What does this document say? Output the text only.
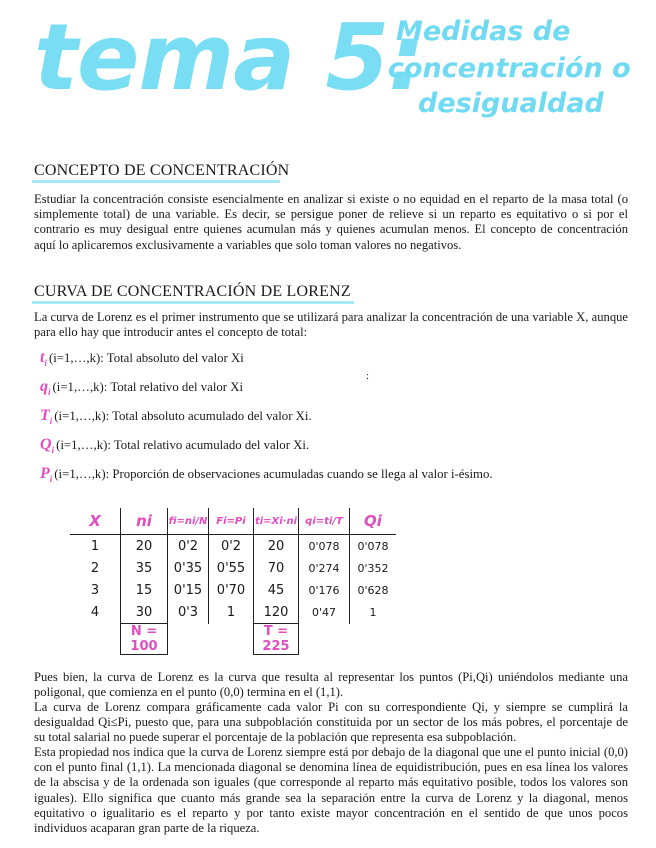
tema 5:
Medidas de
concentración o
desigualdad
CONCEPTO DE CONCENTRACIÓN
Estudiar la concentración consiste esencialmente en analizar si existe o no equidad en el reparto de la masa total (o simplemente total) de una variable. Es decir, se persigue poner de relieve si un reparto es equitativo o si por el contrario es muy desigual entre quienes acumulan más y quienes acumulan menos. El concepto de concentración aquí lo aplicaremos exclusivamente a variables que solo toman valores no negativos.
CURVA DE CONCENTRACIÓN DE LORENZ
La curva de Lorenz es el primer instrumento que se utilizará para analizar la concentración de una variable X, aunque para ello hay que introducir antes el concepto de total:
$t_i$ (i=1,…,k): Total absoluto del valor Xi
$q_i$ (i=1,…,k): Total relativo del valor Xi
$T_i$ (i=1,…,k): Total absoluto acumulado del valor Xi.
$Q_i$ (i=1,…,k): Total relativo acumulado del valor Xi.
$P_i$ (i=1,…,k): Proporción de observaciones acumuladas cuando se llega al valor i-ésimo.
:
X	ni	fi=ni/N	Fi=Pi	ti=Xi·ni	qi=ti/T	Qi
1	20	0'2	0'2	20	0'078	0'078
2	35	0'35	0'55	70	0'274	0'352
3	15	0'15	0'70	45	0'176	0'628
4	30	0'3	1	120	0'47	1
	N = 100			T = 225		
Pues bien, la curva de Lorenz es la curva que resulta al representar los puntos (Pi,Qi) uniéndolos mediante una poligonal, que comienza en el punto (0,0) termina en el (1,1).
La curva de Lorenz compara gráficamente cada valor Pi con su correspondiente Qi, y siempre se cumplirá la desigualdad Qi≤Pi, puesto que, para una subpoblación constituida por un sector de los más pobres, el porcentaje de su total salarial no puede superar el porcentaje de la población que representa esa subpoblación.
Esta propiedad nos indica que la curva de Lorenz siempre está por debajo de la diagonal que une el punto inicial (0,0) con el punto final (1,1). La mencionada diagonal se denomina línea de equidistribución, pues en esa línea los valores de la abscisa y de la ordenada son iguales (que corresponde al reparto más equitativo posible, todos los valores son iguales). Ello significa que cuanto más grande sea la separación entre la curva de Lorenz y la diagonal, menos equitativo o igualitario es el reparto y por tanto existe mayor concentración en el sentido de que unos pocos individuos acaparan gran parte de la riqueza.
